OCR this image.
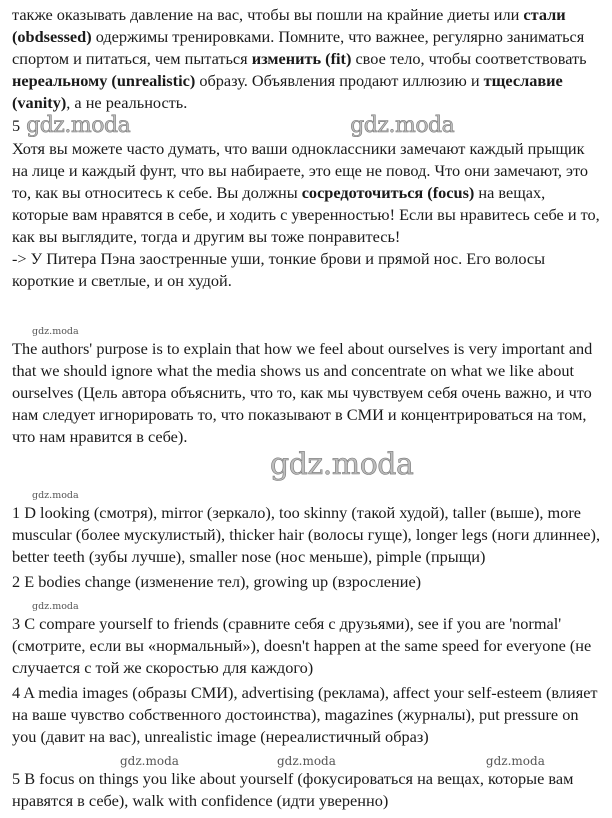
также оказывать давление на вас, чтобы вы пошли на крайние диеты или стали (obdsessed) одержимы тренировками. Помните, что важнее, регулярно заниматься спортом и питаться, чем пытаться изменить (fit) свое тело, чтобы соответствовать нереальному (unrealistic) образу. Объявления продают иллюзию и тщеславие (vanity), а не реальность.
5 gdz.moda	gdz.moda
Хотя вы можете часто думать, что ваши одноклассники замечают каждый прыщик на лице и каждый фунт, что вы набираете, это еще не повод. Что они замечают, это то, как вы относитесь к себе. Вы должны сосредоточиться (focus) на вещах, которые вам нравятся в себе, и ходить с уверенностью! Если вы нравитесь себе и то, как вы выглядите, тогда и другим вы тоже понравитесь!
-> У Питера Пэна заостренные уши, тонкие брови и прямой нос. Его волосы короткие и светлые, и он худой.
gdz.moda
The authors' purpose is to explain that how we feel about ourselves is very important and that we should ignore what the media shows us and concentrate on what we like about ourselves (Цель автора объяснить, что то, как мы чувствуем себя очень важно, и что нам следует игнорировать то, что показывают в СМИ и концентрироваться на том, что нам нравится в себе).
gdz.moda
gdz.moda
1 D looking (смотря), mirror (зеркало), too skinny (такой худой), taller (выше), more muscular (более мускулистый), thicker hair (волосы гуще), longer legs (ноги длиннее), better teeth (зубы лучше), smaller nose (нос меньше), pimple (прыщи)
2 E bodies change (изменение тел), growing up (взросление)
gdz.moda
3 C compare yourself to friends (сравните себя с друзьями), see if you are 'normal' (смотрите, если вы «нормальный»), doesn't happen at the same speed for everyone (не случается с той же скоростью для каждого)
4 A media images (образы СМИ), advertising (реклама), affect your self-esteem (влияет на ваше чувство собственного достоинства), magazines (журналы), put pressure on you (давит на вас), unrealistic image (нереалистичный образ)
gdz.moda	gdz.moda	gdz.moda
5 B focus on things you like about yourself (фокусироваться на вещах, которые вам нравятся в себе), walk with confidence (идти уверенно)
